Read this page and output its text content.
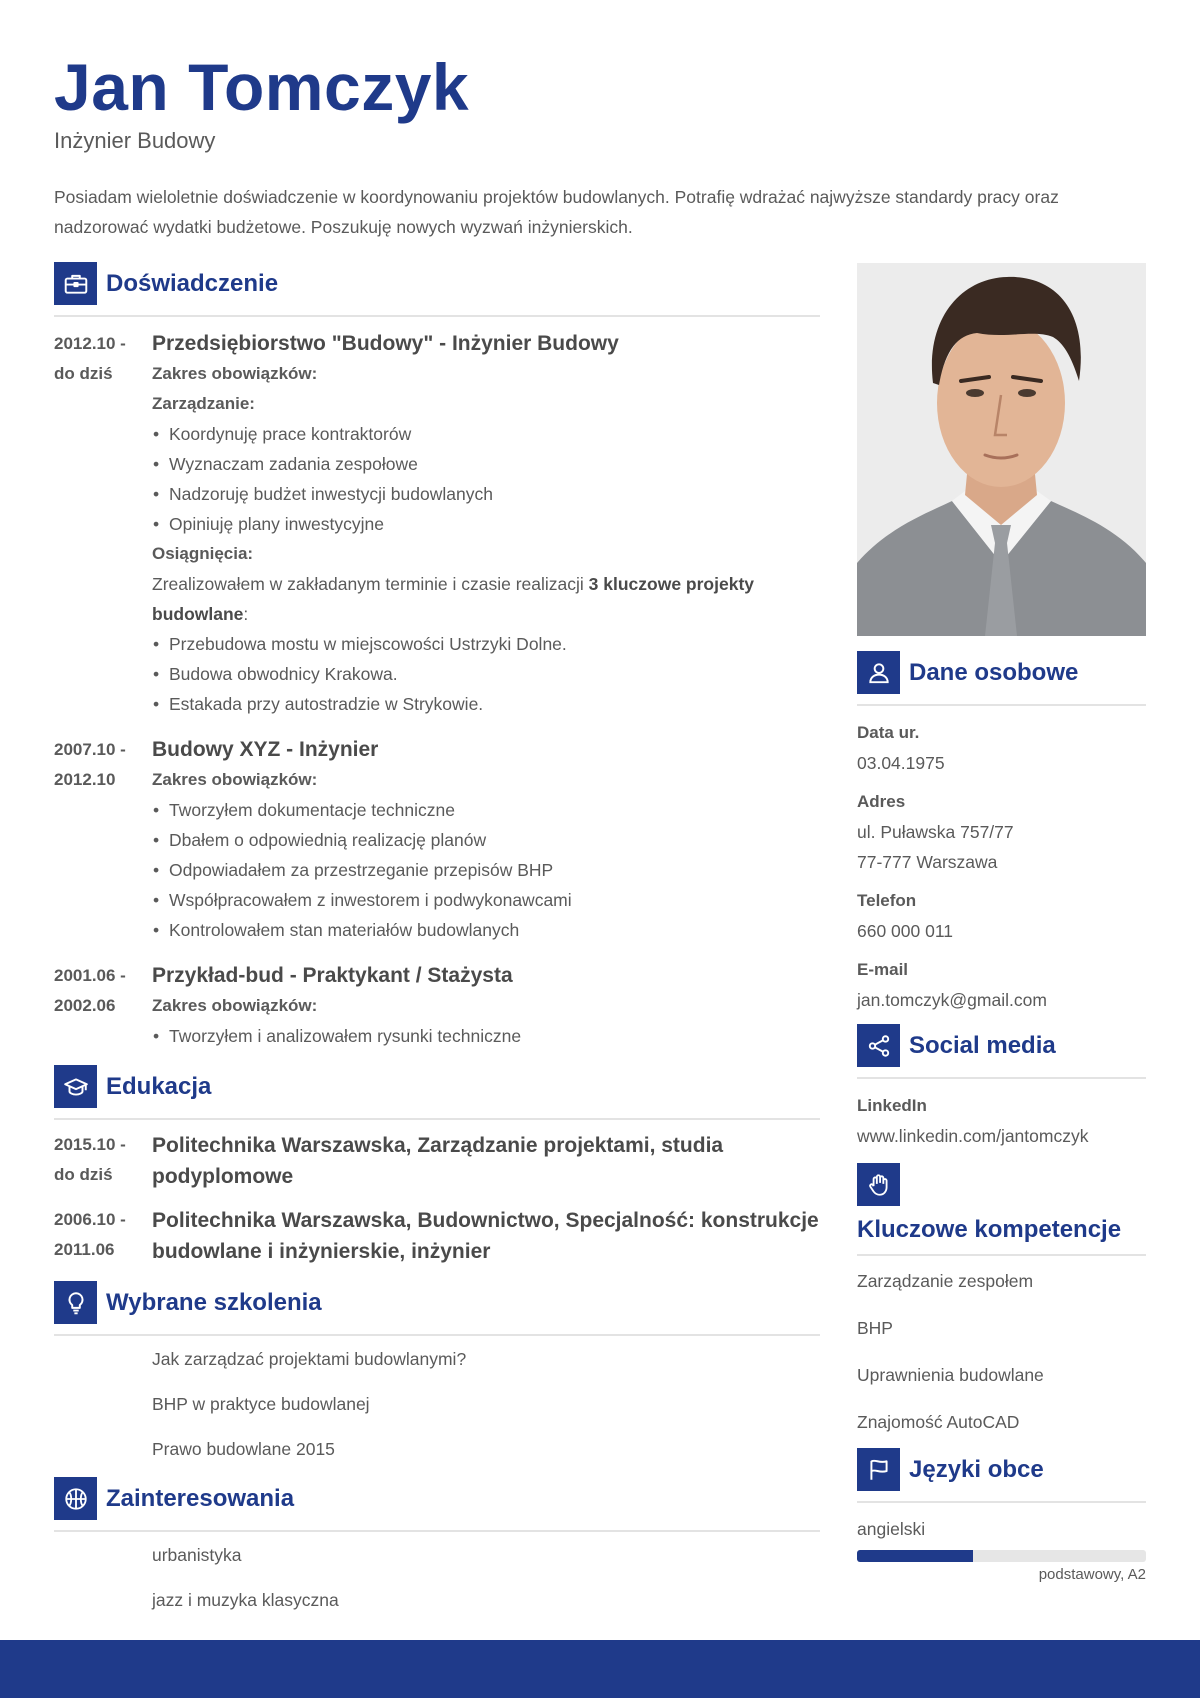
Jan Tomczyk
Inżynier Budowy
Posiadam wieloletnie doświadczenie w koordynowaniu projektów budowlanych. Potrafię wdrażać najwyższe standardy pracy oraz nadzorować wydatki budżetowe. Poszukuję nowych wyzwań inżynierskich.
Doświadczenie
2012.10 -
do dziś
Przedsiębiorstwo "Budowy" - Inżynier Budowy
Zakres obowiązków:
Zarządzanie:
• Koordynuję prace kontraktorów
• Wyznaczam zadania zespołowe
• Nadzoruję budżet inwestycji budowlanych
• Opiniuję plany inwestycyjne
Osiągnięcia:
Zrealizowałem w zakładanym terminie i czasie realizacji 3 kluczowe projekty budowlane:
• Przebudowa mostu w miejscowości Ustrzyki Dolne.
• Budowa obwodnicy Krakowa.
• Estakada przy autostradzie w Strykowie.
2007.10 -
2012.10
Budowy XYZ - Inżynier
Zakres obowiązków:
• Tworzyłem dokumentacje techniczne
• Dbałem o odpowiednią realizację planów
• Odpowiadałem za przestrzeganie przepisów BHP
• Współpracowałem z inwestorem i podwykonawcami
• Kontrolowałem stan materiałów budowlanych
2001.06 -
2002.06
Przykład-bud - Praktykant / Stażysta
Zakres obowiązków:
• Tworzyłem i analizowałem rysunki techniczne
Edukacja
2015.10 -
do dziś
Politechnika Warszawska, Zarządzanie projektami, studia podyplomowe
2006.10 -
2011.06
Politechnika Warszawska, Budownictwo, Specjalność: konstrukcje budowlane i inżynierskie, inżynier
Wybrane szkolenia
Jak zarządzać projektami budowlanymi?
BHP w praktyce budowlanej
Prawo budowlane 2015
Zainteresowania
urbanistyka
jazz i muzyka klasyczna
Dane osobowe
Data ur.
03.04.1975
Adres
ul. Puławska 757/77
77-777 Warszawa
Telefon
660 000 011
E-mail
jan.tomczyk@gmail.com
Social media
LinkedIn
www.linkedin.com/jantomczyk
Kluczowe kompetencje
Zarządzanie zespołem
BHP
Uprawnienia budowlane
Znajomość AutoCAD
Języki obce
angielski
podstawowy, A2
